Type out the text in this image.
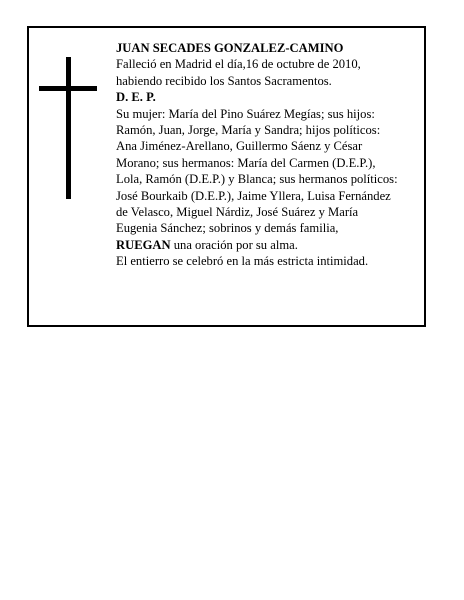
JUAN SECADES GONZALEZ-CAMINO

Falleció en Madrid el día,16 de octubre de 2010,

habiendo recibido los Santos Sacramentos.

D. E. P.

Su mujer: María del Pino Suárez Megías; sus hijos:

Ramón, Juan, Jorge, María y Sandra; hijos políticos:

Ana Jiménez-Arellano, Guillermo Sáenz y César

Morano; sus hermanos: María del Carmen (D.E.P.),

Lola, Ramón (D.E.P.) y Blanca; sus hermanos políticos:

José Bourkaib (D.E.P.), Jaime Yllera, Luisa Fernández

de Velasco, Miguel Nárdiz, José Suárez y María

Eugenia Sánchez; sobrinos y demás familia,

RUEGAN una oración por su alma.

El entierro se celebró en la más estricta intimidad.
